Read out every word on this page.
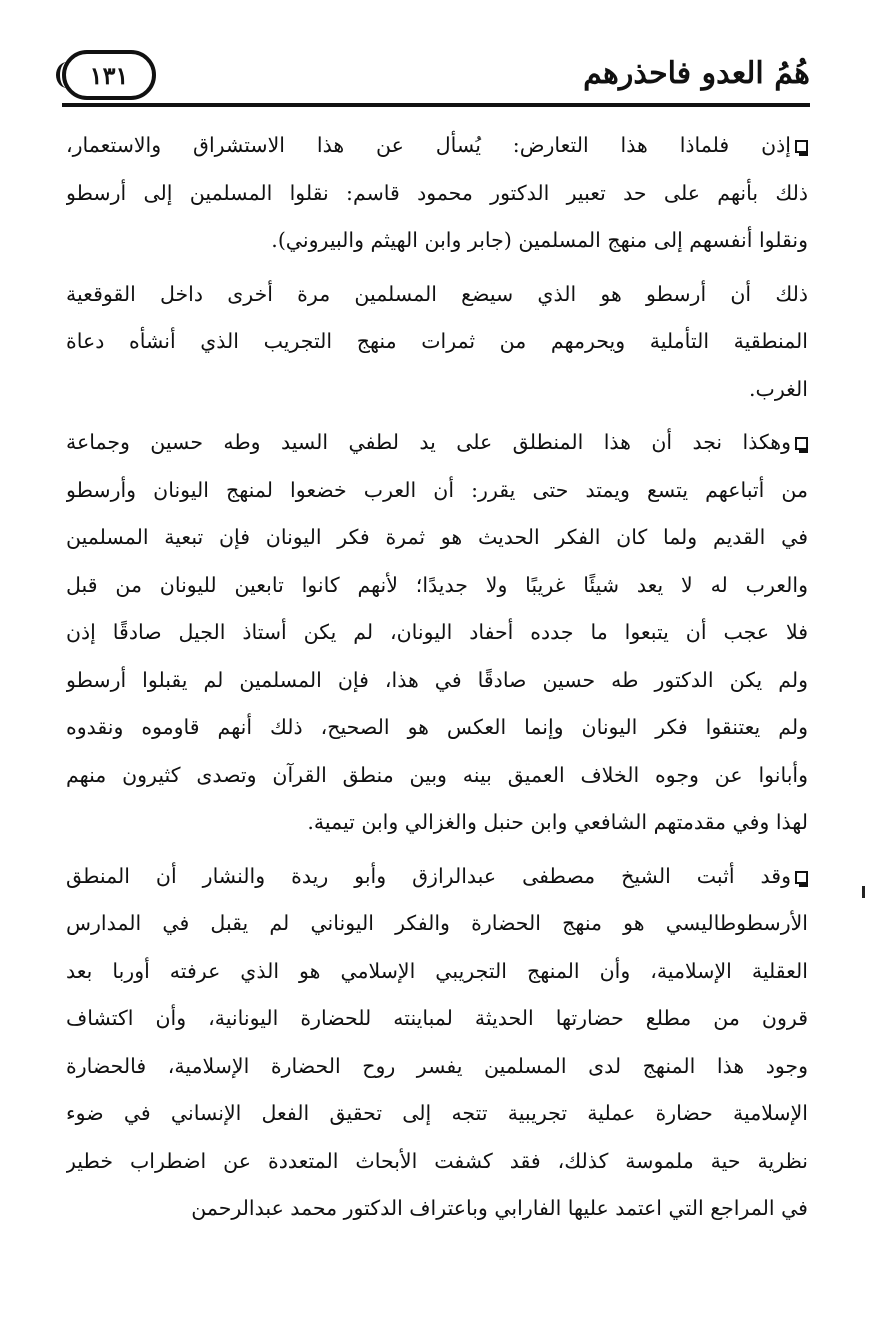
هُمُ العدو فاحذرهم
١٣١
إذن فلماذا هذا التعارض: يُسأل عن هذا الاستشراق والاستعمار،
ذلك بأنهم على حد تعبير الدكتور محمود قاسم: نقلوا المسلمين إلى أرسطو
ونقلوا أنفسهم إلى منهج المسلمين (جابر وابن الهيثم والبيروني).
ذلك أن أرسطو هو الذي سيضع المسلمين مرة أخرى داخل القوقعية
المنطقية التأملية ويحرمهم من ثمرات منهج التجريب الذي أنشأه دعاة
الغرب.
وهكذا نجد أن هذا المنطلق على يد لطفي السيد وطه حسين وجماعة
من أتباعهم يتسع ويمتد حتى يقرر: أن العرب خضعوا لمنهج اليونان وأرسطو
في القديم ولما كان الفكر الحديث هو ثمرة فكر اليونان فإن تبعية المسلمين
والعرب له لا يعد شيئًا غريبًا ولا جديدًا؛ لأنهم كانوا تابعين لليونان من قبل
فلا عجب أن يتبعوا ما جدده أحفاد اليونان، لم يكن أستاذ الجيل صادقًا إذن
ولم يكن الدكتور طه حسين صادقًا في هذا، فإن المسلمين لم يقبلوا أرسطو
ولم يعتنقوا فكر اليونان وإنما العكس هو الصحيح، ذلك أنهم قاوموه ونقدوه
وأبانوا عن وجوه الخلاف العميق بينه وبين منطق القرآن وتصدى كثيرون منهم
لهذا وفي مقدمتهم الشافعي وابن حنبل والغزالي وابن تيمية.
وقد أثبت الشيخ مصطفى عبدالرازق وأبو ريدة والنشار أن المنطق
الأرسطوطاليسي هو منهج الحضارة والفكر اليوناني لم يقبل في المدارس
العقلية الإسلامية، وأن المنهج التجريبي الإسلامي هو الذي عرفته أوربا بعد
قرون من مطلع حضارتها الحديثة لمباينته للحضارة اليونانية، وأن اكتشاف
وجود هذا المنهج لدى المسلمين يفسر روح الحضارة الإسلامية، فالحضارة
الإسلامية حضارة عملية تجريبية تتجه إلى تحقيق الفعل الإنساني في ضوء
نظرية حية ملموسة كذلك، فقد كشفت الأبحاث المتعددة عن اضطراب خطير
في المراجع التي اعتمد عليها الفارابي وباعتراف الدكتور محمد عبدالرحمن
